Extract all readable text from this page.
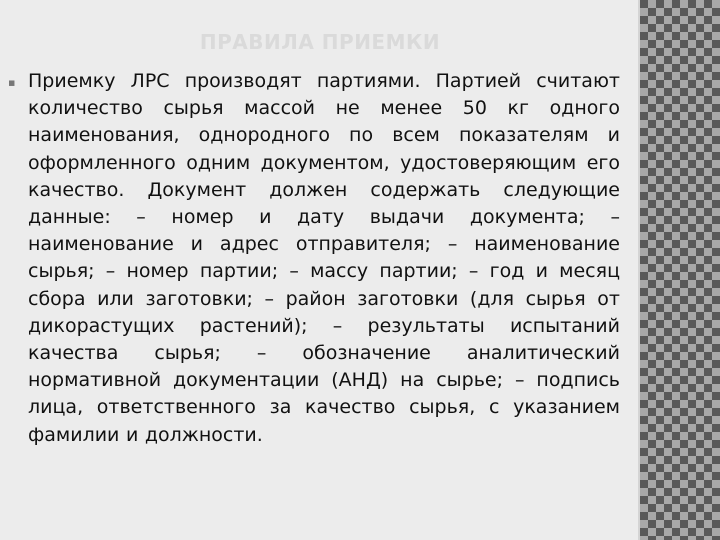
ПРАВИЛА ПРИЕМКИ
▪ Приемку ЛРС производят партиями. Партией считают количество сырья массой не менее 50 кг одного наименования, однородного по всем показателям и оформленного одним документом, удостоверяющим его качество. Документ должен содержать следующие данные: – номер и дату выдачи документа; – наименование и адрес отправителя; – наименование сырья; – номер партии; – массу партии; – год и месяц сбора или заготовки; – район заготовки (для сырья от дикорастущих растений); – результаты испытаний качества сырья; – обозначение аналитический нормативной документации (АНД) на сырье; – подпись лица, ответственного за качество сырья, с указанием фамилии и должности.
